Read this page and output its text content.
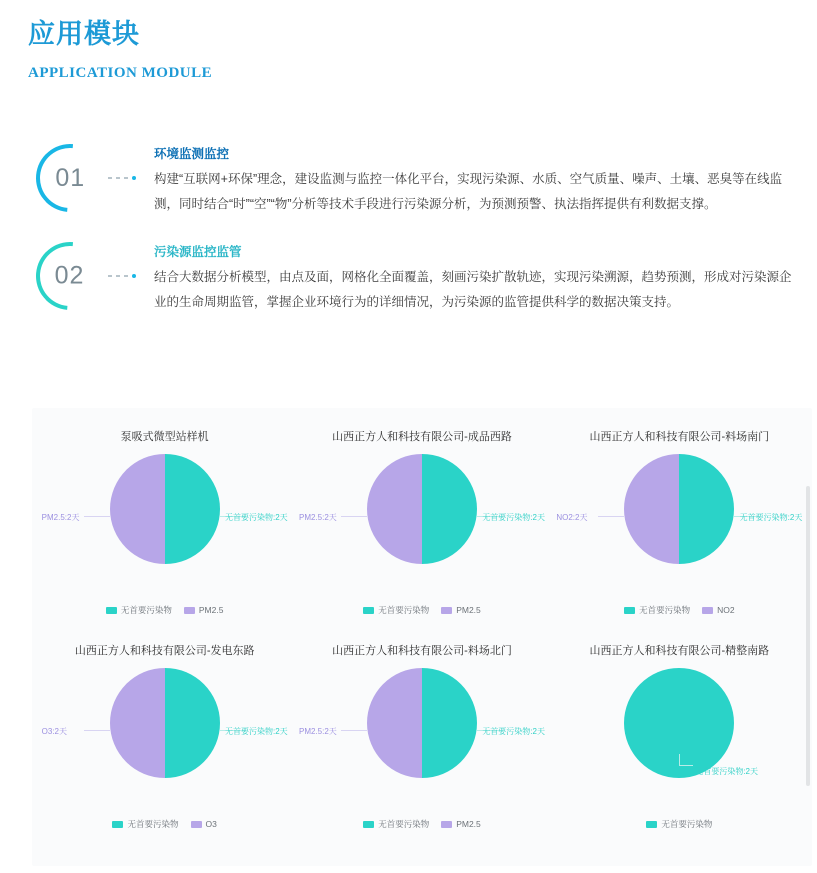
应用模块
APPLICATION MODULE
01
环境监测监控
构建“互联网+环保”理念，建设监测与监控一体化平台，实现污染源、水质、空气质量、噪声、土壤、恶臭等在线监测，同时结合“时”“空”“物”分析等技术手段进行污染源分析，为预测预警、执法指挥提供有利数据支撑。
02
污染源监控监管
结合大数据分析模型，由点及面，网格化全面覆盖，刻画污染扩散轨迹，实现污染溯源，趋势预测，形成对污染源企业的生命周期监管，掌握企业环境行为的详细情况，为污染源的监管提供科学的数据决策支持。
泵吸式微型站样机
PM2.5:2天	无首要污染物:2天
无首要污染物	PM2.5
山西正方人和科技有限公司-成品西路
PM2.5:2天	无首要污染物:2天
无首要污染物	PM2.5
山西正方人和科技有限公司-料场南门
NO2:2天	无首要污染物:2天
无首要污染物	NO2
山西正方人和科技有限公司-发电东路
O3:2天	无首要污染物:2天
无首要污染物	O3
山西正方人和科技有限公司-料场北门
PM2.5:2天	无首要污染物:2天
无首要污染物	PM2.5
山西正方人和科技有限公司-精整南路
无首要污染物:2天
无首要污染物
